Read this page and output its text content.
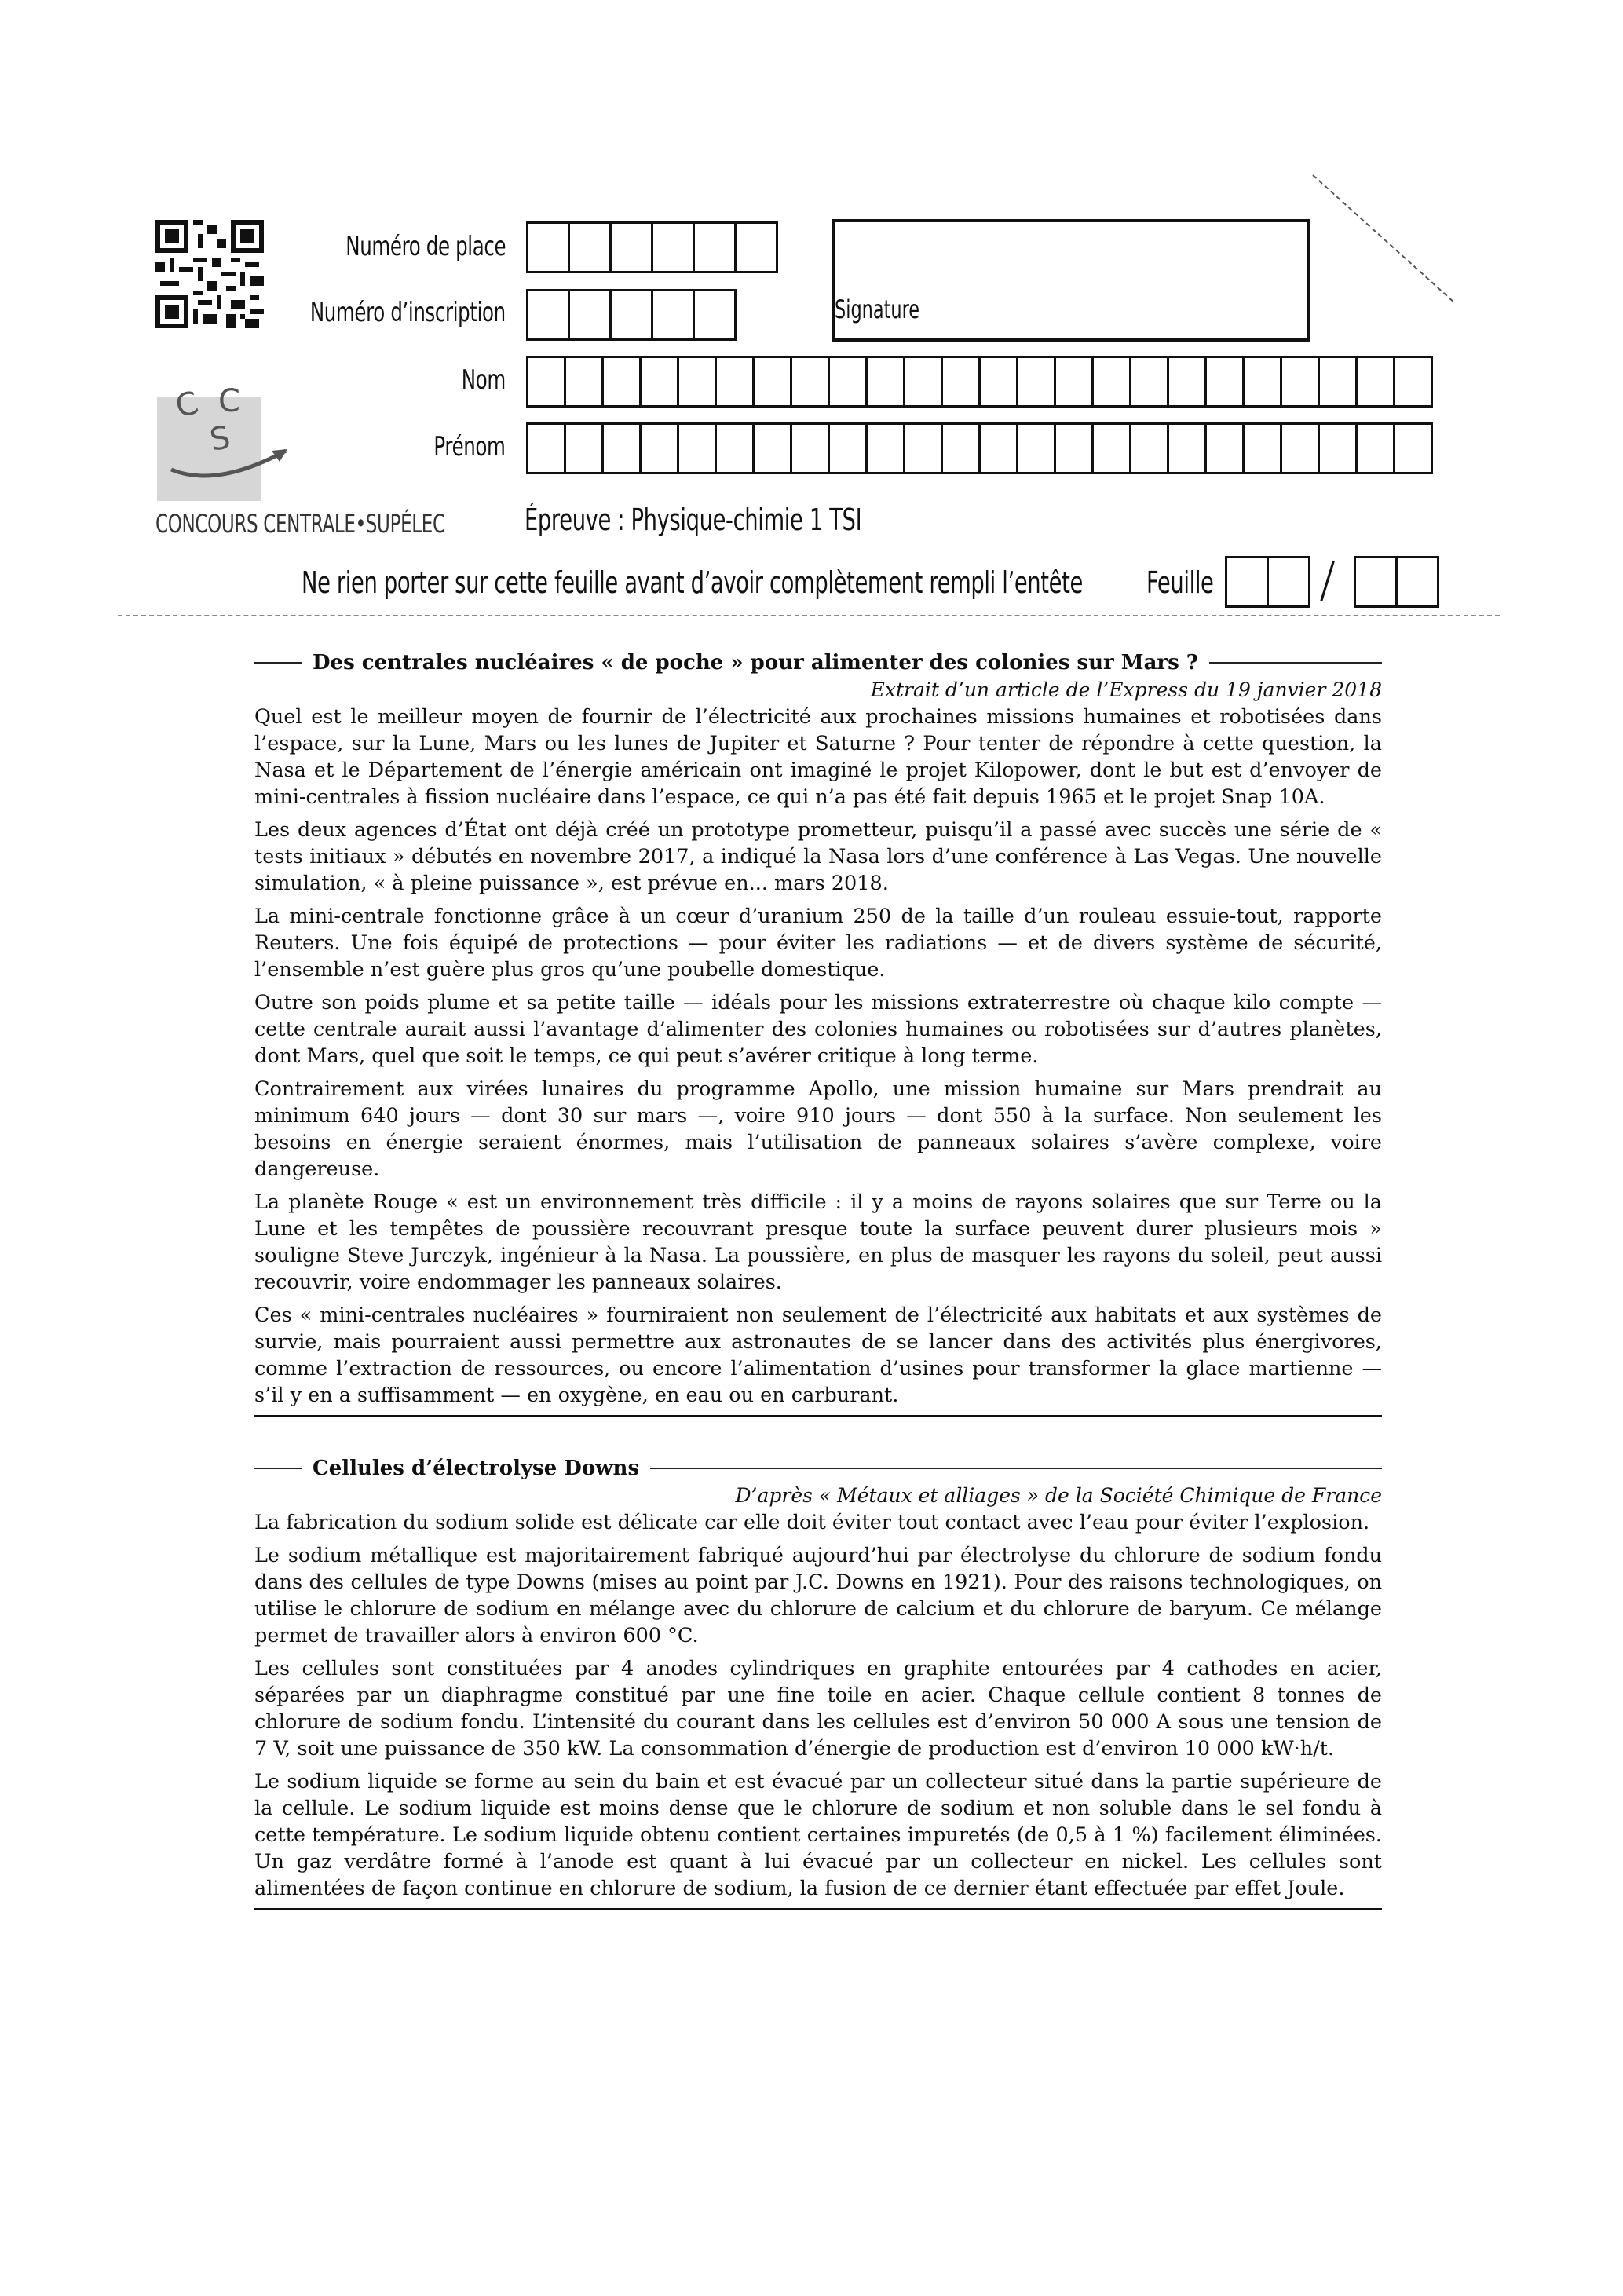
C C
S
CONCOURS CENTRALE•SUPÉLEC
Numéro de place
Numéro d’inscription
Nom
Prénom
Signature
Épreuve : Physique-chimie 1 TSI
Ne rien porter sur cette feuille avant d’avoir complètement rempli l’entête Feuille /
Des centrales nucléaires « de poche » pour alimenter des colonies sur Mars ?
Extrait d’un article de l’Express du 19 janvier 2018

Quel est le meilleur moyen de fournir de l’électricité aux prochaines missions humaines et robotisées dans l’espace, sur la Lune, Mars ou les lunes de Jupiter et Saturne ? Pour tenter de répondre à cette question, la Nasa et le Département de l’énergie américain ont imaginé le projet Kilopower, dont le but est d’envoyer de mini-centrales à fission nucléaire dans l’espace, ce qui n’a pas été fait depuis 1965 et le projet Snap 10A.

Les deux agences d’État ont déjà créé un prototype prometteur, puisqu’il a passé avec succès une série de « tests initiaux » débutés en novembre 2017, a indiqué la Nasa lors d’une conférence à Las Vegas. Une nouvelle simulation, « à pleine puissance », est prévue en... mars 2018.

La mini-centrale fonctionne grâce à un cœur d’uranium 250 de la taille d’un rouleau essuie-tout, rapporte Reuters. Une fois équipé de protections — pour éviter les radiations — et de divers système de sécurité, l’ensemble n’est guère plus gros qu’une poubelle domestique.

Outre son poids plume et sa petite taille — idéals pour les missions extraterrestre où chaque kilo compte — cette centrale aurait aussi l’avantage d’alimenter des colonies humaines ou robotisées sur d’autres planètes, dont Mars, quel que soit le temps, ce qui peut s’avérer critique à long terme.

Contrairement aux virées lunaires du programme Apollo, une mission humaine sur Mars prendrait au minimum 640 jours — dont 30 sur mars —, voire 910 jours — dont 550 à la surface. Non seulement les besoins en énergie seraient énormes, mais l’utilisation de panneaux solaires s’avère complexe, voire dangereuse.

La planète Rouge « est un environnement très difficile : il y a moins de rayons solaires que sur Terre ou la Lune et les tempêtes de poussière recouvrant presque toute la surface peuvent durer plusieurs mois » souligne Steve Jurczyk, ingénieur à la Nasa. La poussière, en plus de masquer les rayons du soleil, peut aussi recouvrir, voire endommager les panneaux solaires.

Ces « mini-centrales nucléaires » fourniraient non seulement de l’électricité aux habitats et aux systèmes de survie, mais pourraient aussi permettre aux astronautes de se lancer dans des activités plus énergivores, comme l’extraction de ressources, ou encore l’alimentation d’usines pour transformer la glace martienne — s’il y en a suffisamment — en oxygène, en eau ou en carburant.

Cellules d’électrolyse Downs
D’après « Métaux et alliages » de la Société Chimique de France

La fabrication du sodium solide est délicate car elle doit éviter tout contact avec l’eau pour éviter l’explosion.

Le sodium métallique est majoritairement fabriqué aujourd’hui par électrolyse du chlorure de sodium fondu dans des cellules de type Downs (mises au point par J.C. Downs en 1921). Pour des raisons technologiques, on utilise le chlorure de sodium en mélange avec du chlorure de calcium et du chlorure de baryum. Ce mélange permet de travailler alors à environ 600 °C.

Les cellules sont constituées par 4 anodes cylindriques en graphite entourées par 4 cathodes en acier, séparées par un diaphragme constitué par une fine toile en acier. Chaque cellule contient 8 tonnes de chlorure de sodium fondu. L’intensité du courant dans les cellules est d’environ 50 000 A sous une tension de 7 V, soit une puissance de 350 kW. La consommation d’énergie de production est d’environ 10 000 kW·h/t.

Le sodium liquide se forme au sein du bain et est évacué par un collecteur situé dans la partie supérieure de la cellule. Le sodium liquide est moins dense que le chlorure de sodium et non soluble dans le sel fondu à cette température. Le sodium liquide obtenu contient certaines impuretés (de 0,5 à 1 %) facilement éliminées. Un gaz verdâtre formé à l’anode est quant à lui évacué par un collecteur en nickel. Les cellules sont alimentées de façon continue en chlorure de sodium, la fusion de ce dernier étant effectuée par effet Joule.
